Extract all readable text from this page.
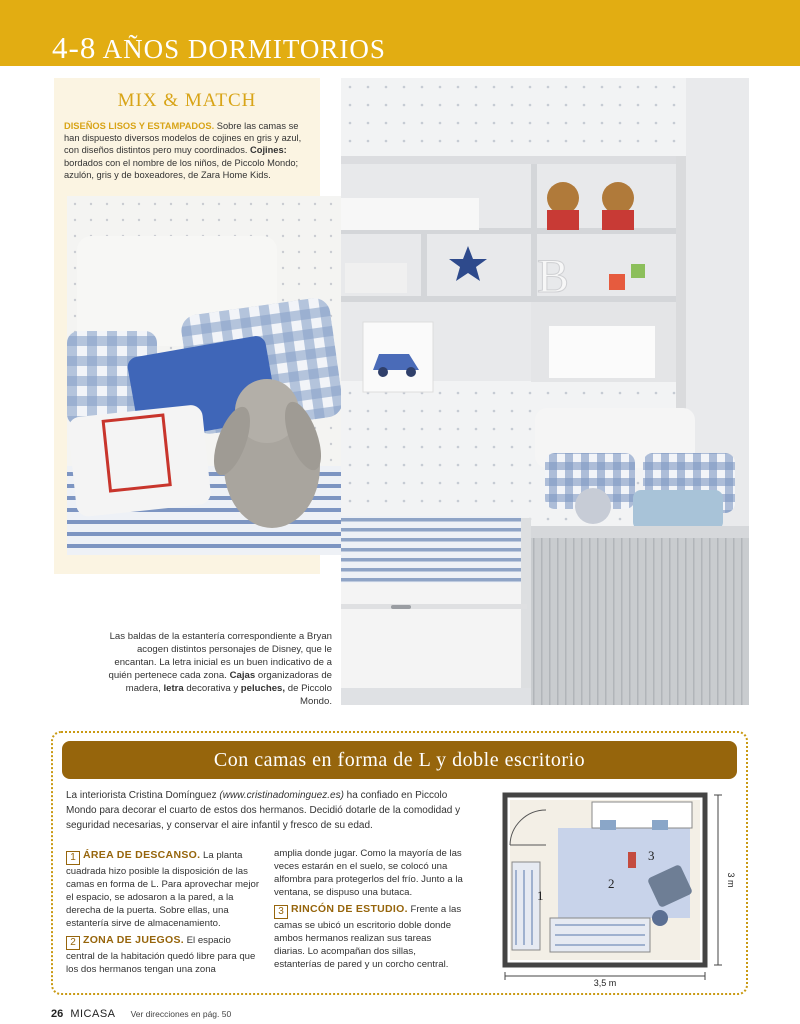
4-8 AÑOS DORMITORIOS
MIX & MATCH
DISEÑOS LISOS Y ESTAMPADOS. Sobre las camas se han dispuesto diversos modelos de cojines en gris y azul, con diseños distintos pero muy coordinados. Cojines: bordados con el nombre de los niños, de Piccolo Mondo; azulón, gris y de boxeadores, de Zara Home Kids.
B
Las baldas de la estantería correspondiente a Bryan acogen distintos personajes de Disney, que le encantan. La letra inicial es un buen indicativo de a quién pertenece cada zona. Cajas organizadoras de madera, letra decorativa y peluches, de Piccolo Mondo.
Con camas en forma de L y doble escritorio
La interiorista Cristina Domínguez (www.cristinadominguez.es) ha confiado en Piccolo Mondo para decorar el cuarto de estos dos hermanos. Decidió dotarle de la comodidad y seguridad necesarias, y conservar el aire infantil y fresco de su edad.
1 ÁREA DE DESCANSO. La planta cuadrada hizo posible la disposición de las camas en forma de L. Para aprovechar mejor el espacio, se adosaron a la pared, a la derecha de la puerta. Sobre ellas, una estantería sirve de almacenamiento.
2 ZONA DE JUEGOS. El espacio central de la habitación quedó libre para que los dos hermanos tengan una zona
amplia donde jugar. Como la mayoría de las veces estarán en el suelo, se colocó una alfombra para protegerlos del frío. Junto a la ventana, se dispuso una butaca.
3 RINCÓN DE ESTUDIO. Frente a las camas se ubicó un escritorio doble donde ambos hermanos realizan sus tareas diarias. Lo acompañan dos sillas, estanterías de pared y un corcho central.
1
2
3
3,5 m
3 m
26 MICASA Ver direcciones en pág. 50
